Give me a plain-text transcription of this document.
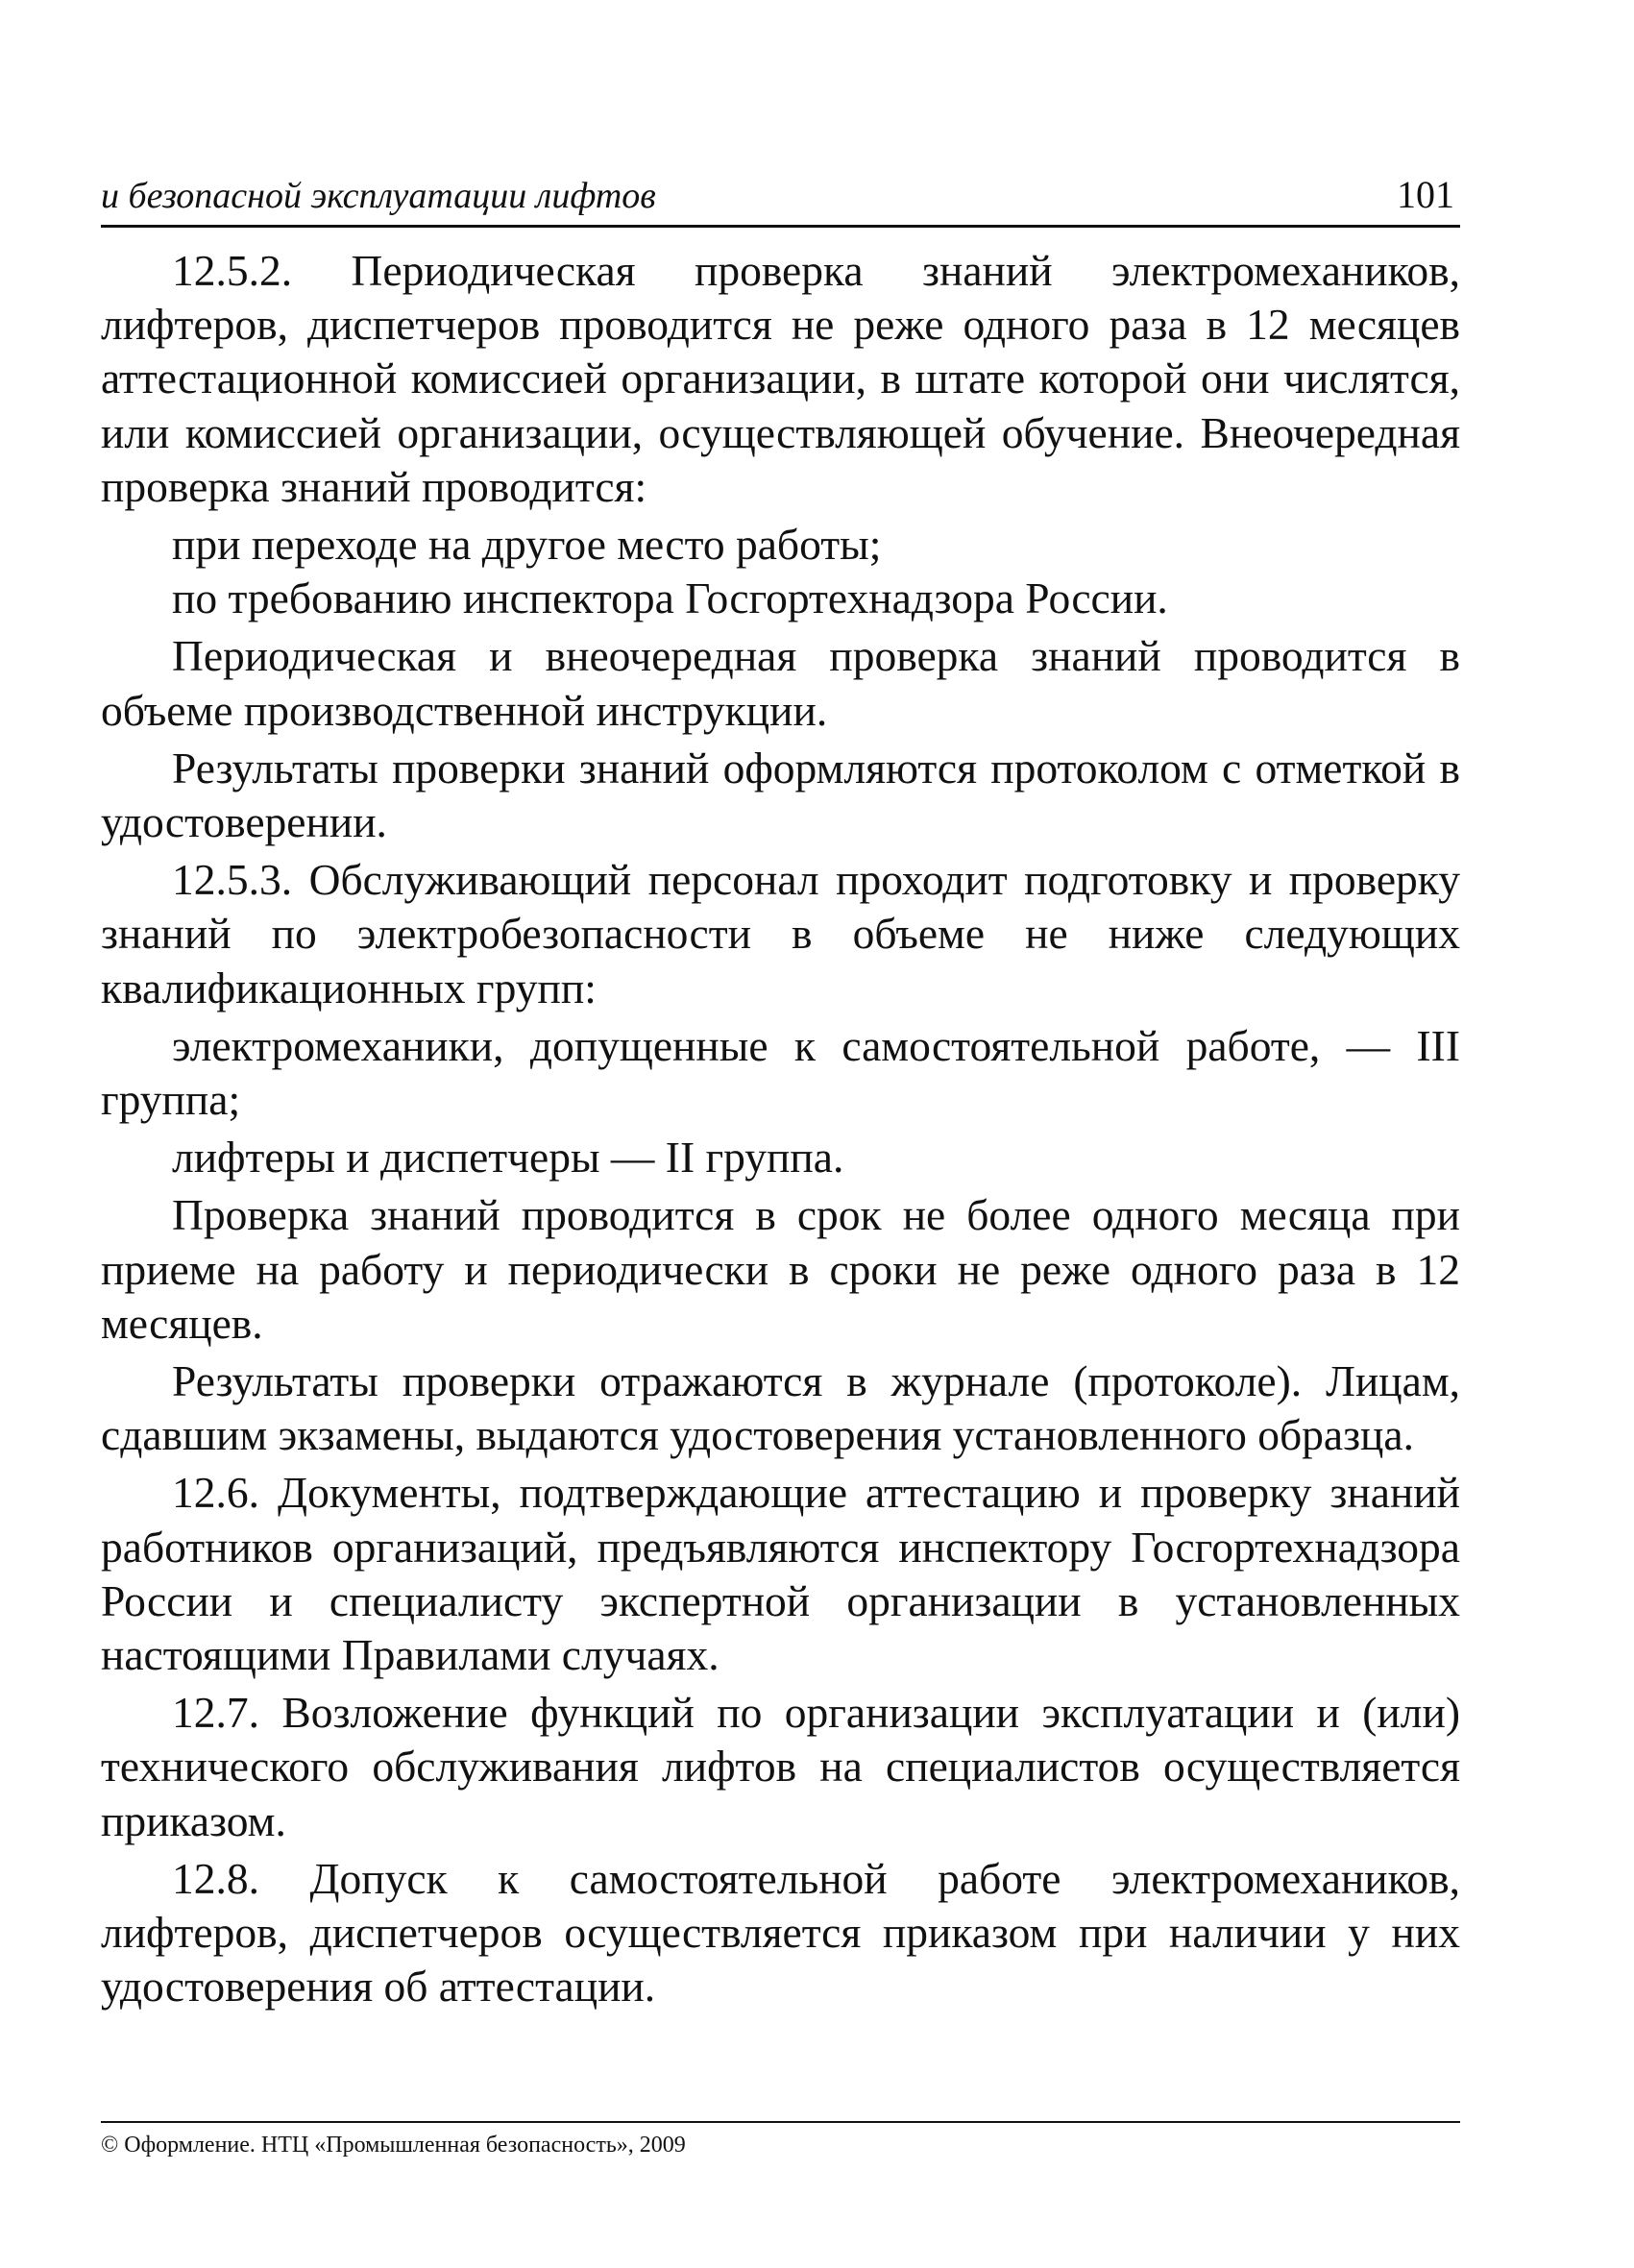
и безопасной эксплуатации лифтов	101

12.5.2. Периодическая проверка знаний электромехаников, лифтеров, диспетчеров проводится не реже одного раза в 12 месяцев аттестационной комиссией организации, в штате которой они числятся, или комиссией организации, осуществляющей обучение. Внеочередная проверка знаний проводится:

при переходе на другое место работы;

по требованию инспектора Госгортехнадзора России.

Периодическая и внеочередная проверка знаний проводится в объеме производственной инструкции.

Результаты проверки знаний оформляются протоколом с отметкой в удостоверении.

12.5.3. Обслуживающий персонал проходит подготовку и проверку знаний по электробезопасности в объеме не ниже следующих квалификационных групп:

электромеханики, допущенные к самостоятельной работе, — III группа;

лифтеры и диспетчеры — II группа.

Проверка знаний проводится в срок не более одного месяца при приеме на работу и периодически в сроки не реже одного раза в 12 месяцев.

Результаты проверки отражаются в журнале (протоколе). Лицам, сдавшим экзамены, выдаются удостоверения установленного образца.

12.6. Документы, подтверждающие аттестацию и проверку знаний работников организаций, предъявляются инспектору Госгортехнадзора России и специалисту экспертной организации в установленных настоящими Правилами случаях.

12.7. Возложение функций по организации эксплуатации и (или) технического обслуживания лифтов на специалистов осуществляется приказом.

12.8. Допуск к самостоятельной работе электромехаников, лифтеров, диспетчеров осуществляется приказом при наличии у них удостоверения об аттестации.

© Оформление. НТЦ «Промышленная безопасность», 2009
